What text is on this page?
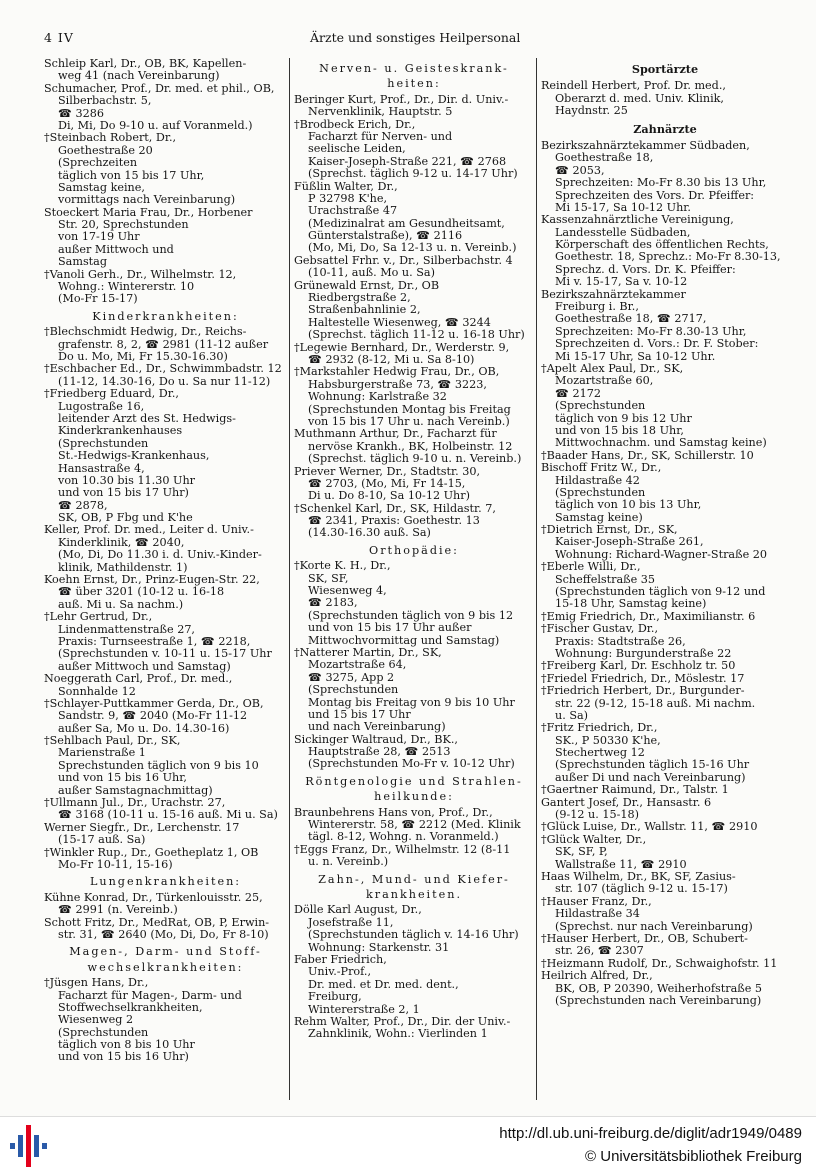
4 IV	Ärzte und sonstiges Heilpersonal
Schleip Karl, Dr., OB, BK, Kapellen-
weg 41 (nach Vereinbarung)
Schumacher, Prof., Dr. med. et phil., OB,
Silberbachstr. 5,
☎ 3286
Di, Mi, Do 9-10 u. auf Voranmeld.)
†Steinbach Robert, Dr.,
Goethestraße 20
(Sprechzeiten
täglich von 15 bis 17 Uhr,
Samstag keine,
vormittags nach Vereinbarung)
Stoeckert Maria Frau, Dr., Horbener
Str. 20, Sprechstunden
von 17-19 Uhr
außer Mittwoch und
Samstag
†Vanoli Gerh., Dr., Wilhelmstr. 12,
Wohng.: Wintererstr. 10
(Mo-Fr 15-17)
Kinderkrankheiten:
†Blechschmidt Hedwig, Dr., Reichs-
grafenstr. 8, 2, ☎ 2981 (11-12 außer
Do u. Mo, Mi, Fr 15.30-16.30)
†Eschbacher Ed., Dr., Schwimmbadstr. 12
(11-12, 14.30-16, Do u. Sa nur 11-12)
†Friedberg Eduard, Dr.,
Lugostraße 16,
leitender Arzt des St. Hedwigs-
Kinderkrankenhauses
(Sprechstunden
St.-Hedwigs-Krankenhaus,
Hansastraße 4,
von 10.30 bis 11.30 Uhr
und von 15 bis 17 Uhr)
☎ 2878,
SK, OB, P Fbg und K'he
Keller, Prof. Dr. med., Leiter d. Univ.-
Kinderklinik, ☎ 2040,
(Mo, Di, Do 11.30 i. d. Univ.-Kinder-
klinik, Mathildenstr. 1)
Koehn Ernst, Dr., Prinz-Eugen-Str. 22,
☎ über 3201 (10-12 u. 16-18
auß. Mi u. Sa nachm.)
†Lehr Gertrud, Dr.,
Lindenmattenstraße 27,
Praxis: Turnseestraße 1, ☎ 2218,
(Sprechstunden v. 10-11 u. 15-17 Uhr
außer Mittwoch und Samstag)
Noeggerath Carl, Prof., Dr. med.,
Sonnhalde 12
†Schlayer-Puttkammer Gerda, Dr., OB,
Sandstr. 9, ☎ 2040 (Mo-Fr 11-12
außer Sa, Mo u. Do. 14.30-16)
†Sehlbach Paul, Dr., SK,
Marienstraße 1
Sprechstunden täglich von 9 bis 10
und von 15 bis 16 Uhr,
außer Samstagnachmittag)
†Ullmann Jul., Dr., Urachstr. 27,
☎ 3168 (10-11 u. 15-16 auß. Mi u. Sa)
Werner Siegfr., Dr., Lerchenstr. 17
(15-17 auß. Sa)
†Winkler Rup., Dr., Goetheplatz 1, OB
Mo-Fr 10-11, 15-16)
Lungenkrankheiten:
Kühne Konrad, Dr., Türkenlouisstr. 25,
☎ 2991 (n. Vereinb.)
Schott Fritz, Dr., MedRat, OB, P, Erwin-
str. 31, ☎ 2640 (Mo, Di, Do, Fr 8-10)
Magen-, Darm- und Stoff-
wechselkrankheiten:
†Jüsgen Hans, Dr.,
Facharzt für Magen-, Darm- und
Stoffwechselkrankheiten,
Wiesenweg 2
(Sprechstunden
täglich von 8 bis 10 Uhr
und von 15 bis 16 Uhr)
Nerven- u. Geisteskrank-
heiten:
Beringer Kurt, Prof., Dr., Dir. d. Univ.-
Nervenklinik, Hauptstr. 5
†Brodbeck Erich, Dr.,
Facharzt für Nerven- und
seelische Leiden,
Kaiser-Joseph-Straße 221, ☎ 2768
(Sprechst. täglich 9-12 u. 14-17 Uhr)
Füßlin Walter, Dr.,
P 32798 K'he,
Urachstraße 47
(Medizinalrat am Gesundheitsamt,
Günterstalstraße), ☎ 2116
(Mo, Mi, Do, Sa 12-13 u. n. Vereinb.)
Gebsattel Frhr. v., Dr., Silberbachstr. 4
(10-11, auß. Mo u. Sa)
Grünewald Ernst, Dr., OB
Riedbergstraße 2,
Straßenbahnlinie 2,
Haltestelle Wiesenweg, ☎ 3244
(Sprechst. täglich 11-12 u. 16-18 Uhr)
†Legewie Bernhard, Dr., Werderstr. 9,
☎ 2932 (8-12, Mi u. Sa 8-10)
†Markstahler Hedwig Frau, Dr., OB,
Habsburgerstraße 73, ☎ 3223,
Wohnung: Karlstraße 32
(Sprechstunden Montag bis Freitag
von 15 bis 17 Uhr u. nach Vereinb.)
Muthmann Arthur, Dr., Facharzt für
nervöse Krankh., BK, Holbeinstr. 12
(Sprechst. täglich 9-10 u. n. Vereinb.)
Priever Werner, Dr., Stadtstr. 30,
☎ 2703, (Mo, Mi, Fr 14-15,
Di u. Do 8-10, Sa 10-12 Uhr)
†Schenkel Karl, Dr., SK, Hildastr. 7,
☎ 2341, Praxis: Goethestr. 13
(14.30-16.30 auß. Sa)
Orthopädie:
†Korte K. H., Dr.,
SK, SF,
Wiesenweg 4,
☎ 2183,
(Sprechstunden täglich von 9 bis 12
und von 15 bis 17 Uhr außer
Mittwochvormittag und Samstag)
†Natterer Martin, Dr., SK,
Mozartstraße 64,
☎ 3275, App 2
(Sprechstunden
Montag bis Freitag von 9 bis 10 Uhr
und 15 bis 17 Uhr
und nach Vereinbarung)
Sickinger Waltraud, Dr., BK.,
Hauptstraße 28, ☎ 2513
(Sprechstunden Mo-Fr v. 10-12 Uhr)
Röntgenologie und Strahlen-
heilkunde:
Braunbehrens Hans von, Prof., Dr.,
Wintererstr. 58, ☎ 2212 (Med. Klinik
tägl. 8-12, Wohng. n. Voranmeld.)
†Eggs Franz, Dr., Wilhelmstr. 12 (8-11
u. n. Vereinb.)
Zahn-, Mund- und Kiefer-
krankheiten.
Dölle Karl August, Dr.,
Josefstraße 11,
(Sprechstunden täglich v. 14-16 Uhr)
Wohnung: Starkenstr. 31
Faber Friedrich,
Univ.-Prof.,
Dr. med. et Dr. med. dent.,
Freiburg,
Wintererstraße 2, 1
Rehm Walter, Prof., Dr., Dir. der Univ.-
Zahnklinik, Wohn.: Vierlinden 1
Sportärzte
Reindell Herbert, Prof. Dr. med.,
Oberarzt d. med. Univ. Klinik,
Haydnstr. 25
Zahnärzte
Bezirkszahnärztekammer Südbaden,
Goethestraße 18,
☎ 2053,
Sprechzeiten: Mo-Fr 8.30 bis 13 Uhr,
Sprechzeiten des Vors. Dr. Pfeiffer:
Mi 15-17, Sa 10-12 Uhr.
Kassenzahnärztliche Vereinigung,
Landesstelle Südbaden,
Körperschaft des öffentlichen Rechts,
Goethestr. 18, Sprechz.: Mo-Fr 8.30-13,
Sprechz. d. Vors. Dr. K. Pfeiffer:
Mi v. 15-17, Sa v. 10-12
Bezirkszahnärztekammer
Freiburg i. Br.,
Goethestraße 18, ☎ 2717,
Sprechzeiten: Mo-Fr 8.30-13 Uhr,
Sprechzeiten d. Vors.: Dr. F. Stober:
Mi 15-17 Uhr, Sa 10-12 Uhr.
†Apelt Alex Paul, Dr., SK,
Mozartstraße 60,
☎ 2172
(Sprechstunden
täglich von 9 bis 12 Uhr
und von 15 bis 18 Uhr,
Mittwochnachm. und Samstag keine)
†Baader Hans, Dr., SK, Schillerstr. 10
Bischoff Fritz W., Dr.,
Hildastraße 42
(Sprechstunden
täglich von 10 bis 13 Uhr,
Samstag keine)
†Dietrich Ernst, Dr., SK,
Kaiser-Joseph-Straße 261,
Wohnung: Richard-Wagner-Straße 20
†Eberle Willi, Dr.,
Scheffelstraße 35
(Sprechstunden täglich von 9-12 und
15-18 Uhr, Samstag keine)
†Emig Friedrich, Dr., Maximilianstr. 6
†Fischer Gustav, Dr.,
Praxis: Stadtstraße 26,
Wohnung: Burgunderstraße 22
†Freiberg Karl, Dr. Eschholz tr. 50
†Friedel Friedrich, Dr., Möslestr. 17
†Friedrich Herbert, Dr., Burgunder-
str. 22 (9-12, 15-18 auß. Mi nachm.
u. Sa)
†Fritz Friedrich, Dr.,
SK., P 50330 K'he,
Stechertweg 12
(Sprechstunden täglich 15-16 Uhr
außer Di und nach Vereinbarung)
†Gaertner Raimund, Dr., Talstr. 1
Gantert Josef, Dr., Hansastr. 6
(9-12 u. 15-18)
†Glück Luise, Dr., Wallstr. 11, ☎ 2910
†Glück Walter, Dr.,
SK, SF, P,
Wallstraße 11, ☎ 2910
Haas Wilhelm, Dr., BK, SF, Zasius-
str. 107 (täglich 9-12 u. 15-17)
†Hauser Franz, Dr.,
Hildastraße 34
(Sprechst. nur nach Vereinbarung)
†Hauser Herbert, Dr., OB, Schubert-
str. 26, ☎ 2307
†Heizmann Rudolf, Dr., Schwaighofstr. 11
Heilrich Alfred, Dr.,
BK, OB, P 20390, Weiherhofstraße 5
(Sprechstunden nach Vereinbarung)
http://dl.ub.uni-freiburg.de/diglit/adr1949/0489
© Universitätsbibliothek Freiburg
